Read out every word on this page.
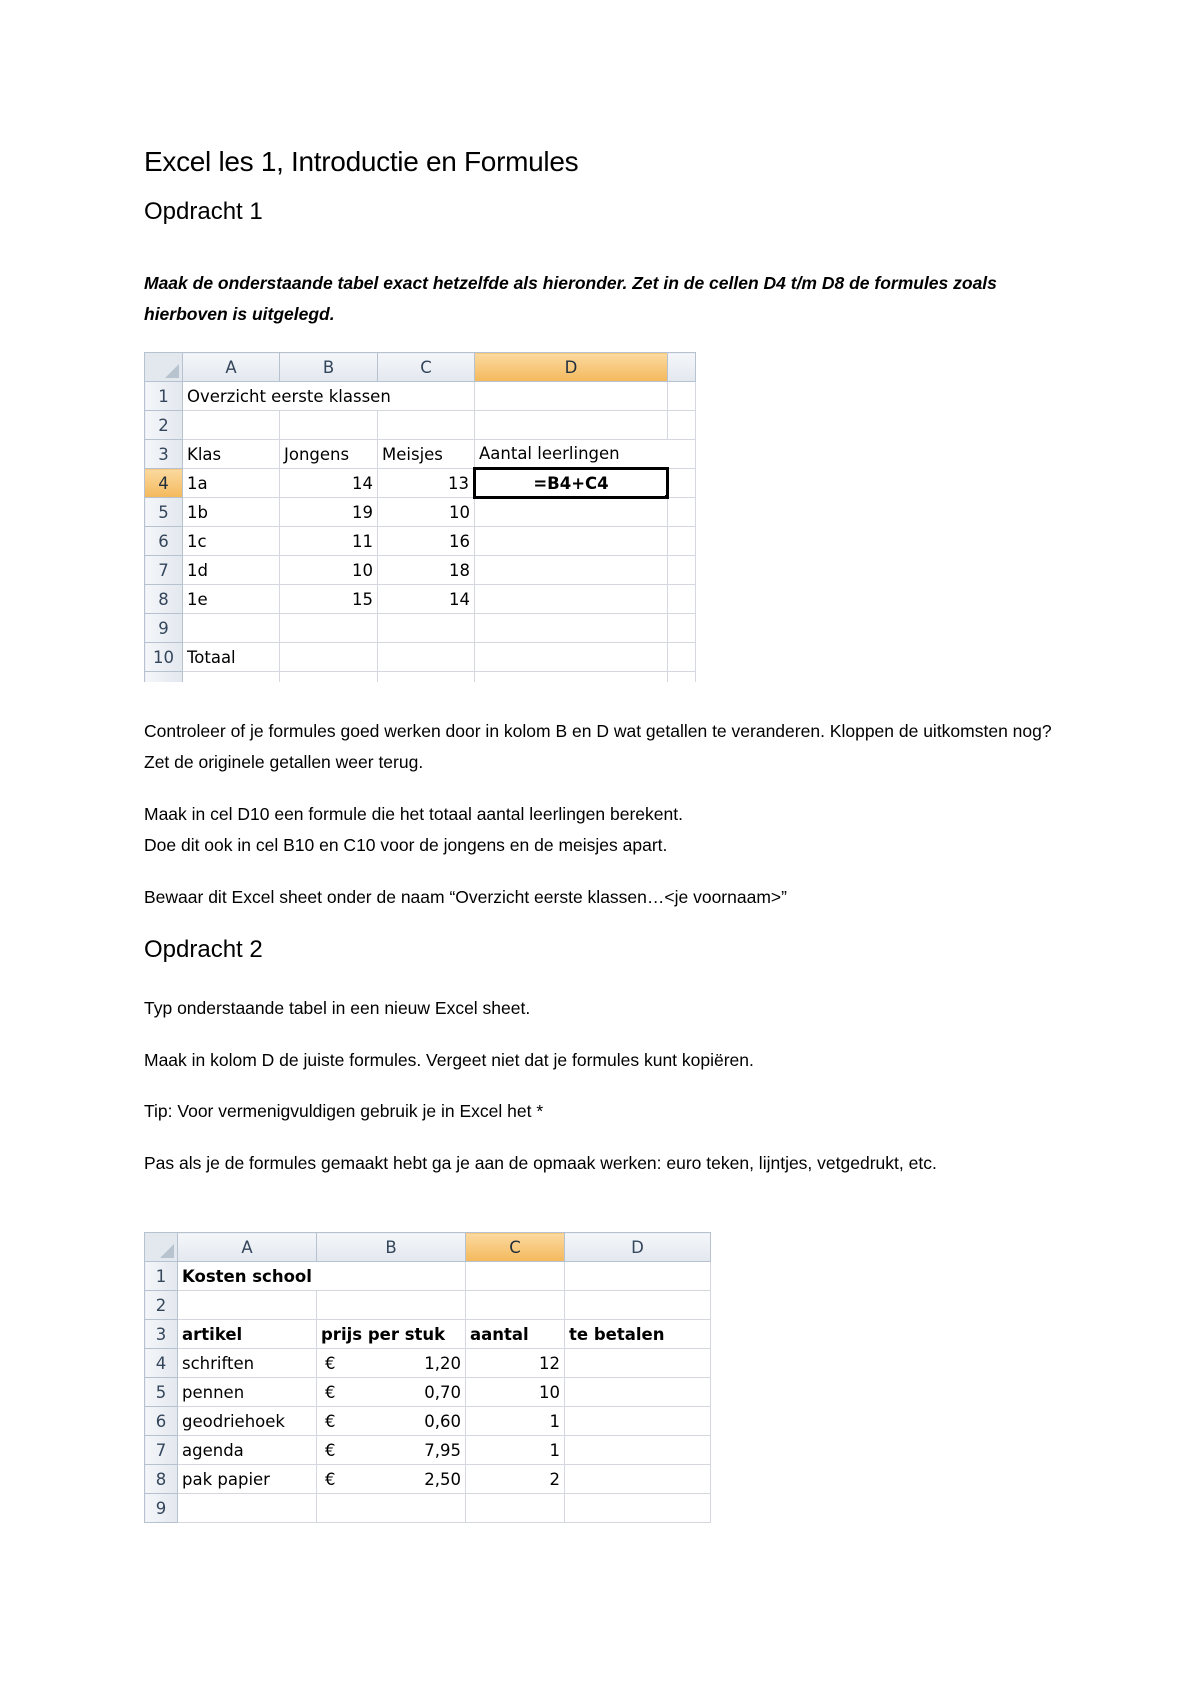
Excel les 1, Introductie en Formules
Opdracht 1

Maak de onderstaande tabel exact hetzelfde als hieronder. Zet in de cellen D4 t/m D8 de formules zoals hierboven is uitgelegd.

	A	B	C	D	
1	Overzicht eerste klassen				
2					
3	Klas	Jongens	Meisjes	Aantal leerlingen	
4	1a	14	13	=B4+C4	
5	1b	19	10		
6	1c	11	16		
7	1d	10	18		
8	1e	15	14		
9					
10	Totaal				

Controleer of je formules goed werken door in kolom B en D wat getallen te veranderen. Kloppen de uitkomsten nog? Zet de originele getallen weer terug.

Maak in cel D10 een formule die het totaal aantal leerlingen berekent.

Doe dit ook in cel B10 en C10 voor de jongens en de meisjes apart.

Bewaar dit Excel sheet onder de naam “Overzicht eerste klassen…<je voornaam>”

Opdracht 2

Typ onderstaande tabel in een nieuw Excel sheet.

Maak in kolom D de juiste formules. Vergeet niet dat je formules kunt kopiëren.

Tip: Voor vermenigvuldigen gebruik je in Excel het *

Pas als je de formules gemaakt hebt ga je aan de opmaak werken: euro teken, lijntjes, vetgedrukt, etc.

	A	B	C	D
1	Kosten school			
2				
3	artikel	prijs per stuk	aantal	te betalen
4	schriften	€ 1,20	12	
5	pennen	€ 0,70	10	
6	geodriehoek	€ 0,60	1	
7	agenda	€ 7,95	1	
8	pak papier	€ 2,50	2	
9				
